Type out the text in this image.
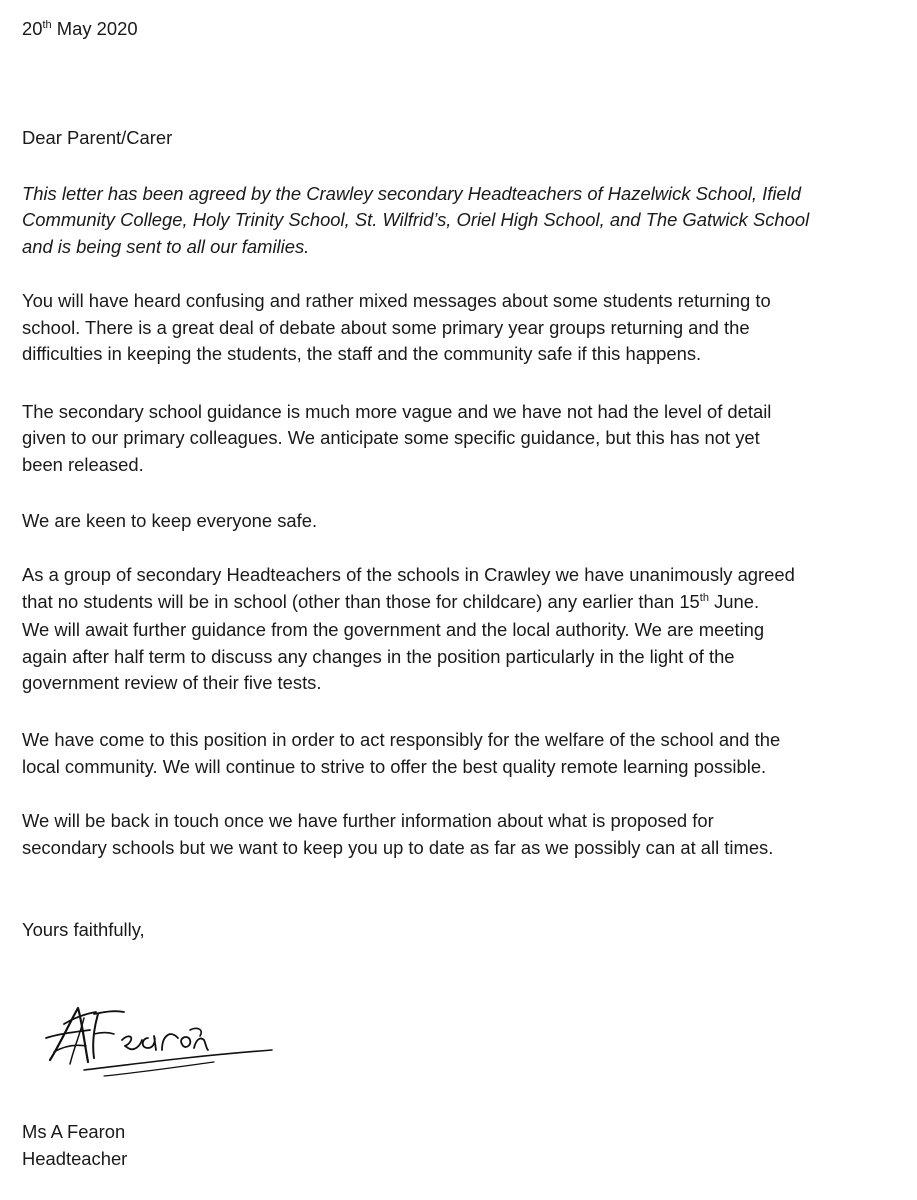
20th May 2020

Dear Parent/Carer

This letter has been agreed by the Crawley secondary Headteachers of Hazelwick School, Ifield

Community College, Holy Trinity School, St. Wilfrid’s, Oriel High School, and The Gatwick School

and is being sent to all our families.

You will have heard confusing and rather mixed messages about some students returning to

school. There is a great deal of debate about some primary year groups returning and the

difficulties in keeping the students, the staff and the community safe if this happens.

The secondary school guidance is much more vague and we have not had the level of detail

given to our primary colleagues. We anticipate some specific guidance, but this has not yet

been released.

We are keen to keep everyone safe.

As a group of secondary Headteachers of the schools in Crawley we have unanimously agreed

that no students will be in school (other than those for childcare) any earlier than 15th June.

We will await further guidance from the government and the local authority. We are meeting

again after half term to discuss any changes in the position particularly in the light of the

government review of their five tests.

We have come to this position in order to act responsibly for the welfare of the school and the

local community. We will continue to strive to offer the best quality remote learning possible.

We will be back in touch once we have further information about what is proposed for

secondary schools but we want to keep you up to date as far as we possibly can at all times.

Yours faithfully,

Ms A Fearon

Headteacher
